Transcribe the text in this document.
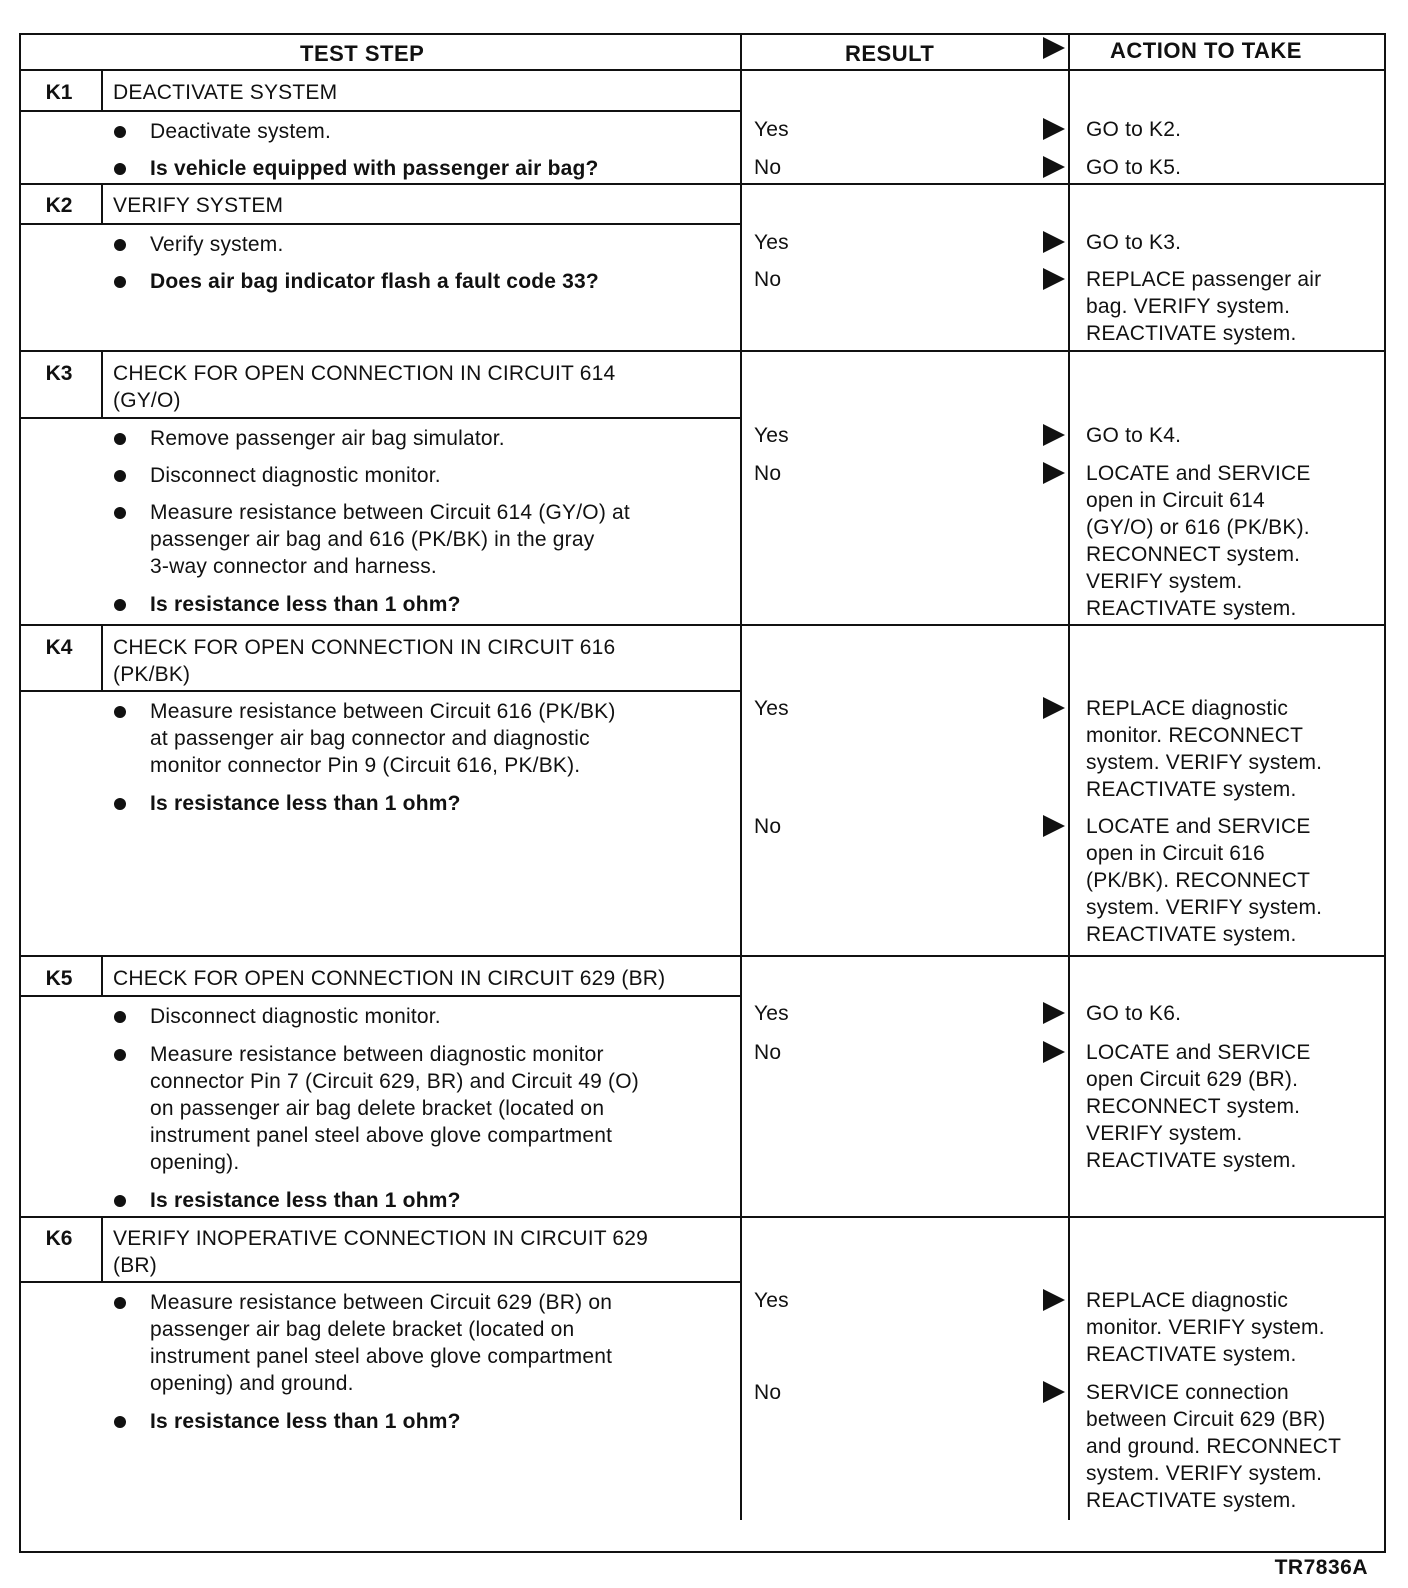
TEST STEP	RESULT	ACTION TO TAKE
K1	DEACTIVATE SYSTEM
Deactivate system.
Is vehicle equipped with passenger air bag?
Yes	GO to K2.
No	GO to K5.
K2	VERIFY SYSTEM
Verify system.
Does air bag indicator flash a fault code 33?
Yes	GO to K3.
No	REPLACE passenger air
bag. VERIFY system.
REACTIVATE system.
K3	CHECK FOR OPEN CONNECTION IN CIRCUIT 614
(GY/O)
Remove passenger air bag simulator.
Disconnect diagnostic monitor.
Measure resistance between Circuit 614 (GY/O) at
passenger air bag and 616 (PK/BK) in the gray
3-way connector and harness.
Is resistance less than 1 ohm?
Yes	GO to K4.
No	LOCATE and SERVICE
open in Circuit 614
(GY/O) or 616 (PK/BK).
RECONNECT system.
VERIFY system.
REACTIVATE system.
K4	CHECK FOR OPEN CONNECTION IN CIRCUIT 616
(PK/BK)
Measure resistance between Circuit 616 (PK/BK)
at passenger air bag connector and diagnostic
monitor connector Pin 9 (Circuit 616, PK/BK).
Is resistance less than 1 ohm?
Yes	REPLACE diagnostic
monitor. RECONNECT
system. VERIFY system.
REACTIVATE system.
No	LOCATE and SERVICE
open in Circuit 616
(PK/BK). RECONNECT
system. VERIFY system.
REACTIVATE system.
K5	CHECK FOR OPEN CONNECTION IN CIRCUIT 629 (BR)
Disconnect diagnostic monitor.
Measure resistance between diagnostic monitor
connector Pin 7 (Circuit 629, BR) and Circuit 49 (O)
on passenger air bag delete bracket (located on
instrument panel steel above glove compartment
opening).
Is resistance less than 1 ohm?
Yes	GO to K6.
No	LOCATE and SERVICE
open Circuit 629 (BR).
RECONNECT system.
VERIFY system.
REACTIVATE system.
K6	VERIFY INOPERATIVE CONNECTION IN CIRCUIT 629
(BR)
Measure resistance between Circuit 629 (BR) on
passenger air bag delete bracket (located on
instrument panel steel above glove compartment
opening) and ground.
Is resistance less than 1 ohm?
Yes	REPLACE diagnostic
monitor. VERIFY system.
REACTIVATE system.
No	SERVICE connection
between Circuit 629 (BR)
and ground. RECONNECT
system. VERIFY system.
REACTIVATE system.
TR7836A
